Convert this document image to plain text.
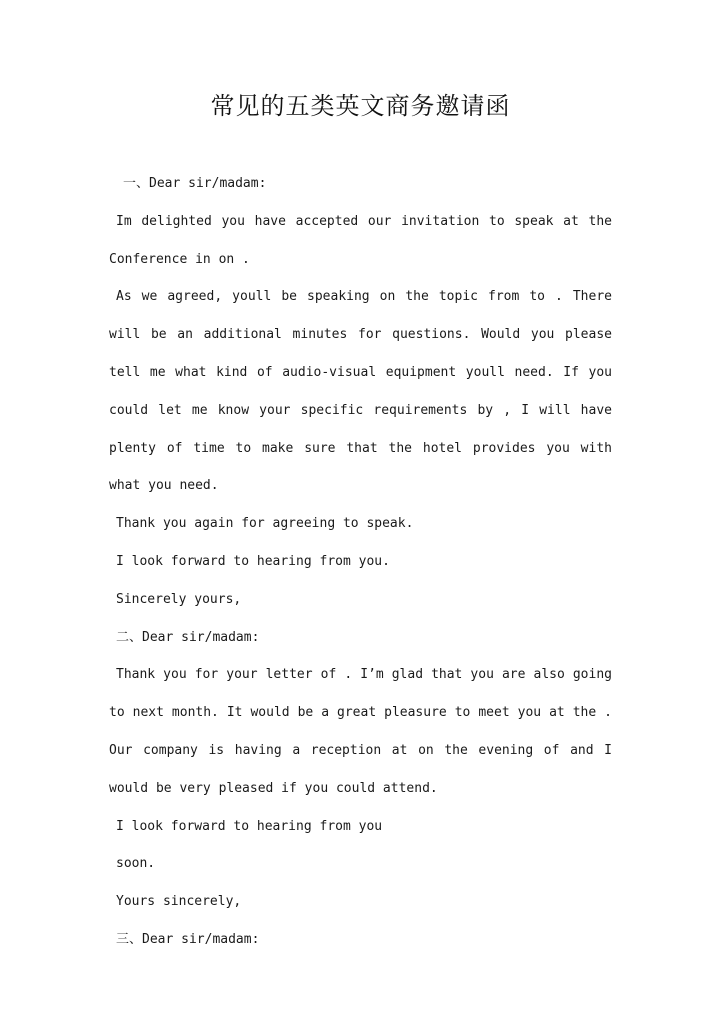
常见的五类英文商务邀请函

一、Dear sir/madam:

Im delighted you have accepted our invitation to speak at the Conference in on .

As we agreed, youll be speaking on the topic from to . There will be an additional minutes for questions. Would you please tell me what kind of audio-visual equipment youll need. If you could let me know your specific requirements by , I will have plenty of time to make sure that the hotel provides you with what you need.

Thank you again for agreeing to speak.

I look forward to hearing from you.

Sincerely yours,

二、Dear sir/madam:

Thank you for your letter of . I’m glad that you are also going to next month. It would be a great pleasure to meet you at the . Our company is having a reception at on the evening of and I would be very pleased if you could attend.

I look forward to hearing from you

soon.

Yours sincerely,

三、Dear sir/madam:
